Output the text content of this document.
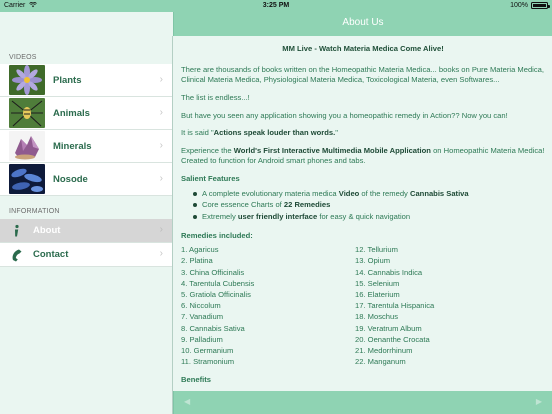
Carrier	3:25 PM	100%
About Us
VIDEOS
Plants	›
Animals	›
Minerals	›
Nosode	›
INFORMATION
About	›
Contact	›
MM Live - Watch Materia Medica Come Alive!

There are thousands of books written on the Homeopathic Materia Medica... books on Pure Materia Medica, Clinical Materia Medica, Physiological Materia Medica, Toxicological Materia, even Softwares...

The list is endless...!

But have you seen any application showing you a homeopathic remedy in Action?? Now you can!

It is said "Actions speak louder than words."

Experience the World's First Interactive Multimedia Mobile Application on Homeopathic Materia Medica! Created to function for Android smart phones and tabs.

Salient Features
A complete evolutionary materia medica Video of the remedy Cannabis Sativa
Core essence Charts of 22 Remedies
Extremely user friendly interface for easy & quick navigation
Remedies included:
1. Agaricus
2. Platina
3. China Officinalis
4. Tarentula Cubensis
5. Gratiola Officinalis
6. Niccolum
7. Vanadium
8. Cannabis Sativa
9. Palladium
10. Germanium
11. Stramonium
12. Tellurium
13. Opium
14. Cannabis Indica
15. Selenium
16. Elaterium
17. Tarentula Hispanica
18. Moschus
19. Veratrum Album
20. Oenanthe Crocata
21. Medorrhinum
22. Manganum
Benefits
◀	▶
